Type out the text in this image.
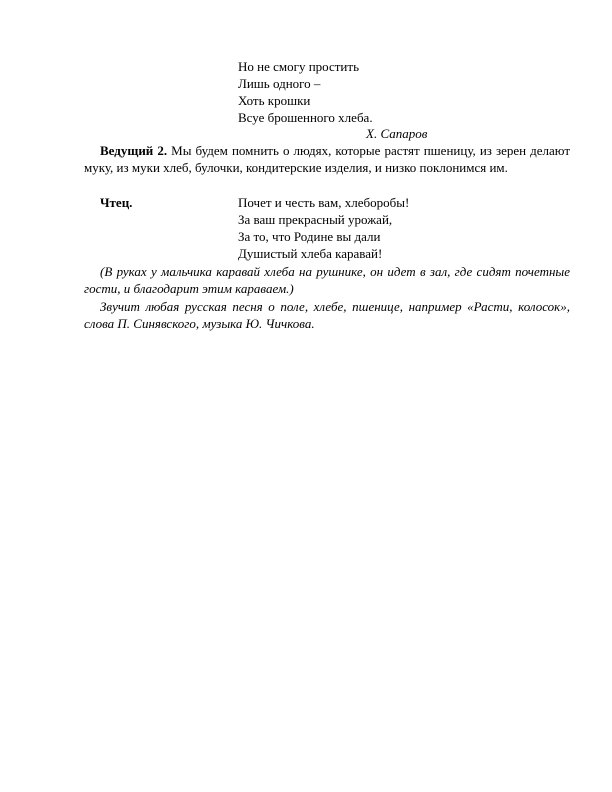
Но не смогу простить
Лишь одного –
Хоть крошки
Всуе брошенного хлеба.
Х. Сапаров
Ведущий 2. Мы будем помнить о людях, которые растят пшеницу, из зерен делают муку, из муки хлеб, булочки, кондитерские изделия, и низко поклонимся им.
Чтец.	Почет и честь вам, хлеборобы!
За ваш прекрасный урожай,
За то, что Родине вы дали
Душистый хлеба каравай!
(В руках у мальчика каравай хлеба на рушнике, он идет в зал, где сидят почетные гости, и благодарит этим караваем.)
Звучит любая русская песня о поле, хлебе, пшенице, например «Расти, колосок», слова П. Синявского, музыка Ю. Чичкова.
